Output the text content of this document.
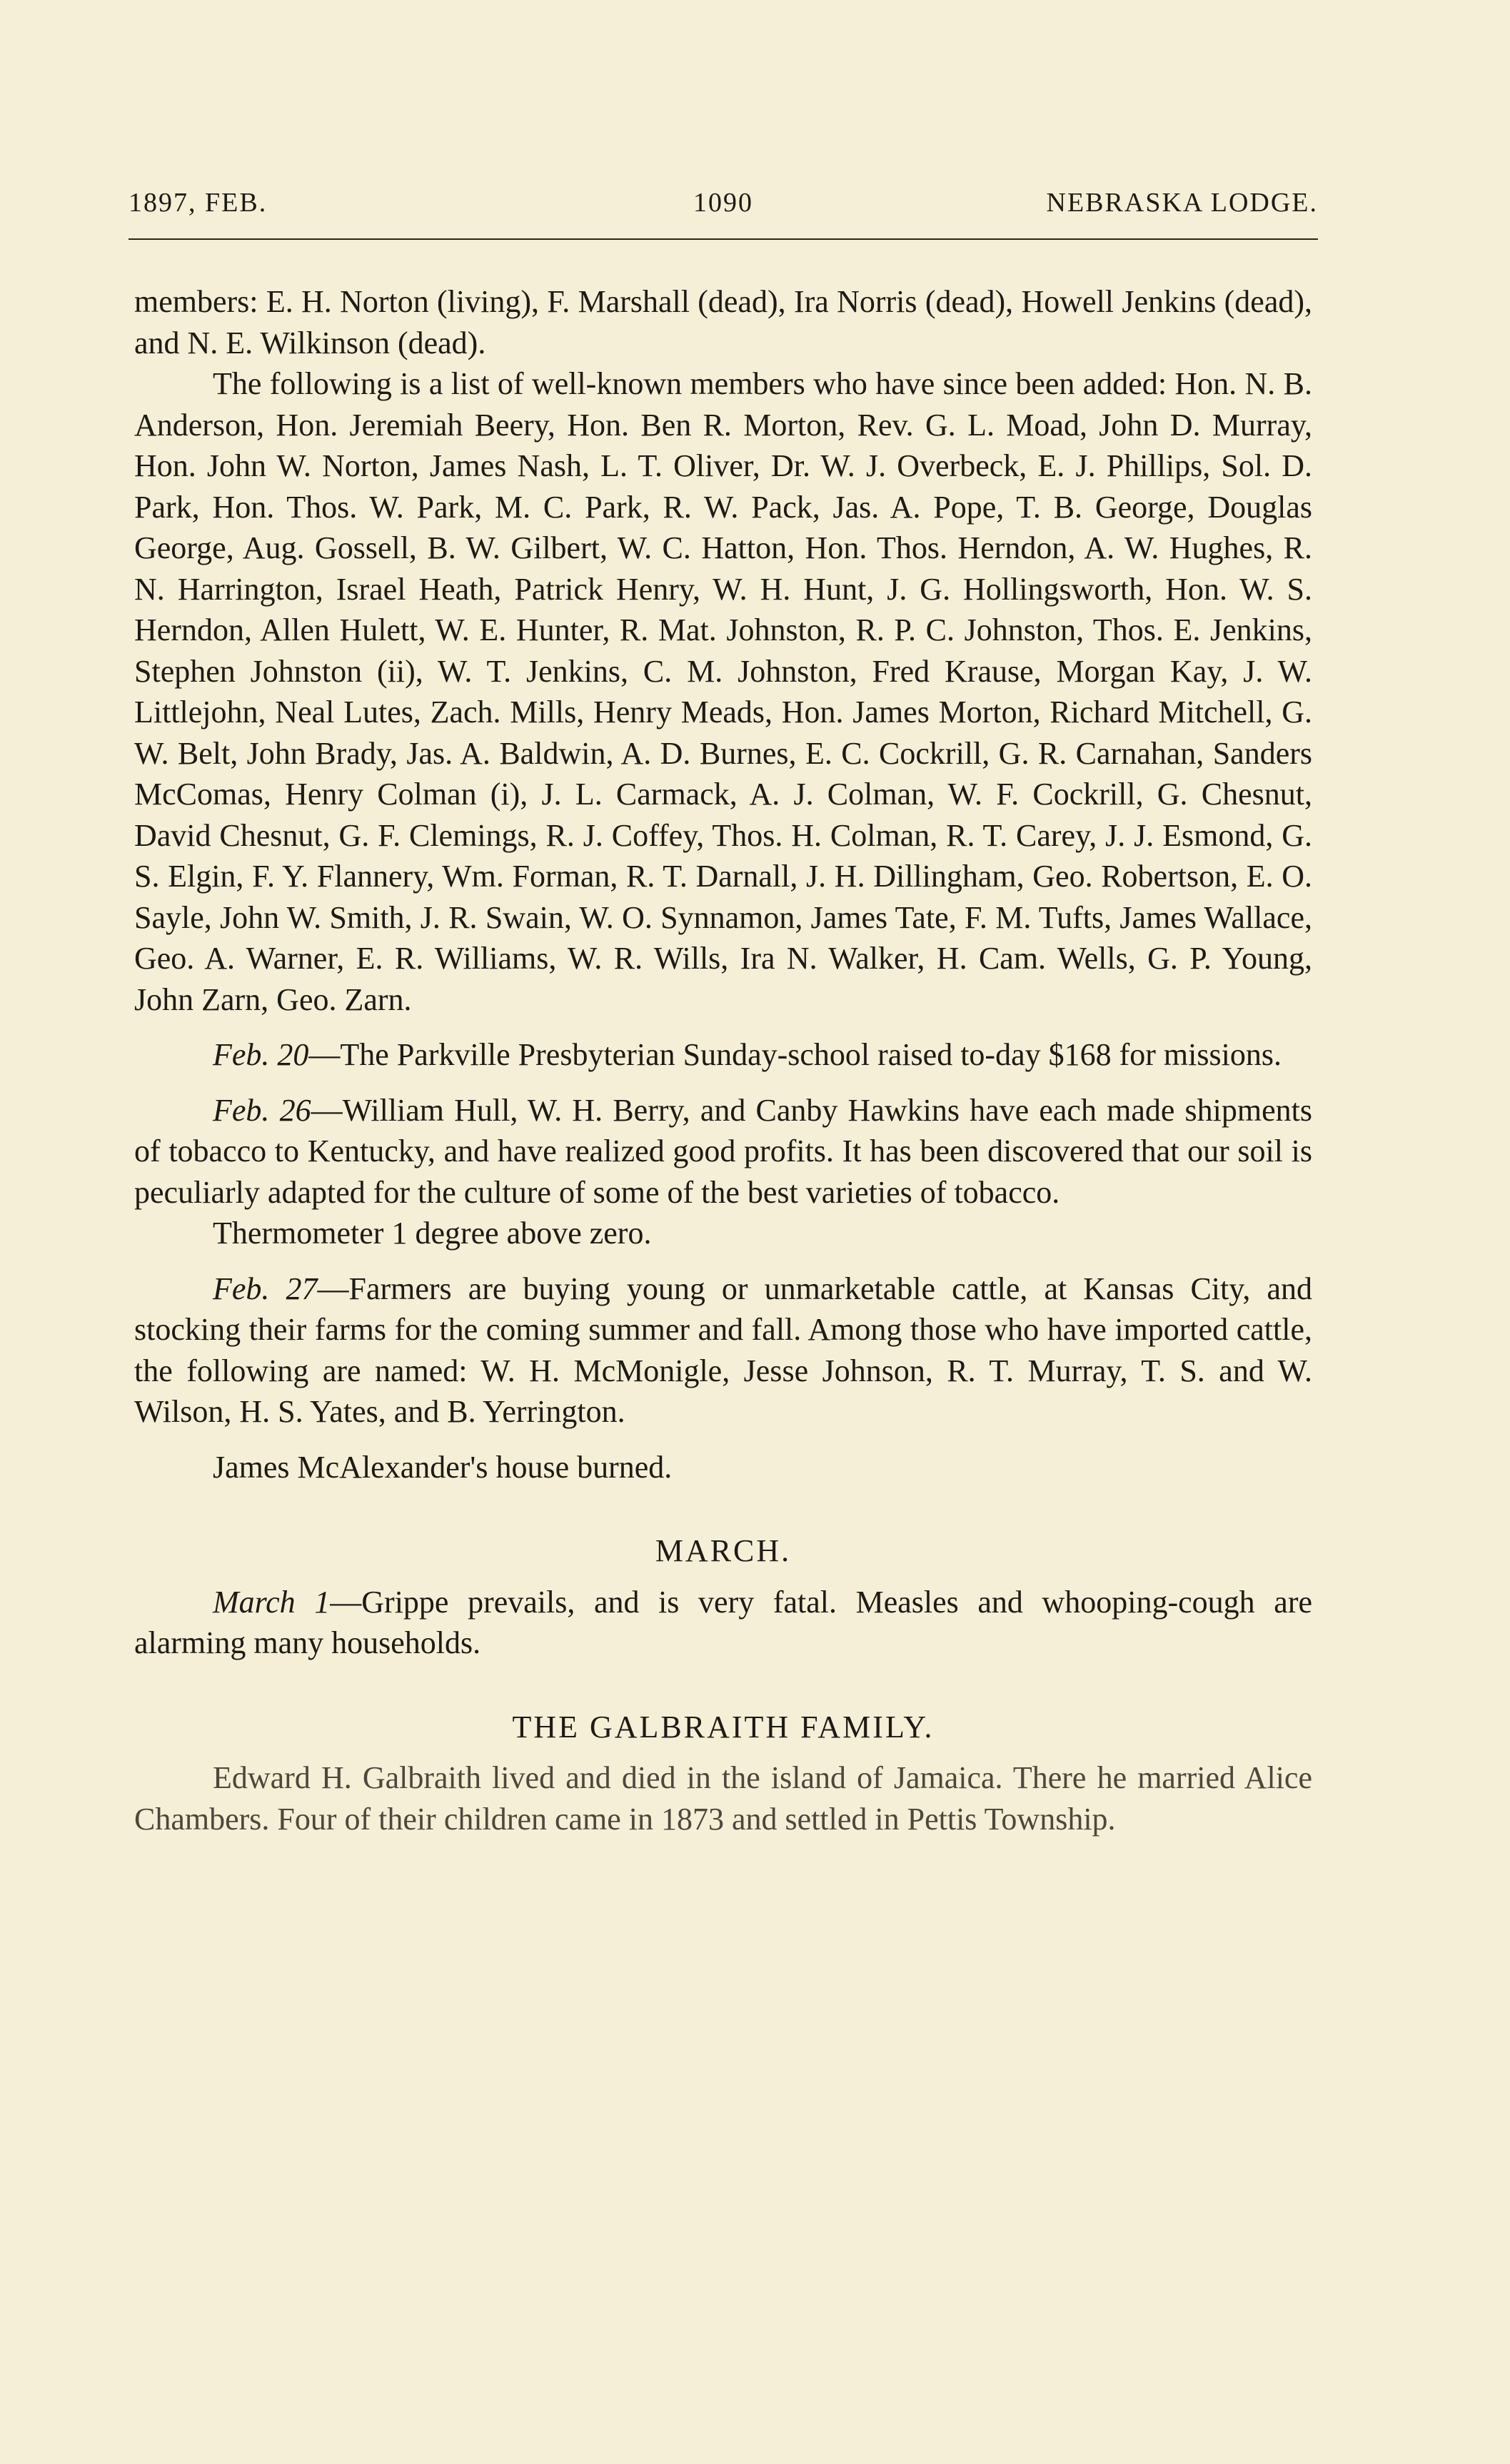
1897, FEB.	1090	NEBRASKA LODGE.

members: E. H. Norton (living), F. Marshall (dead), Ira Norris (dead), Howell Jenkins (dead), and N. E. Wilkinson (dead).

The following is a list of well-known members who have since been added: Hon. N. B. Anderson, Hon. Jeremiah Beery, Hon. Ben R. Morton, Rev. G. L. Moad, John D. Murray, Hon. John W. Norton, James Nash, L. T. Oliver, Dr. W. J. Overbeck, E. J. Phillips, Sol. D. Park, Hon. Thos. W. Park, M. C. Park, R. W. Pack, Jas. A. Pope, T. B. George, Douglas George, Aug. Gossell, B. W. Gilbert, W. C. Hatton, Hon. Thos. Herndon, A. W. Hughes, R. N. Harrington, Israel Heath, Patrick Henry, W. H. Hunt, J. G. Hollingsworth, Hon. W. S. Herndon, Allen Hulett, W. E. Hunter, R. Mat. Johnston, R. P. C. Johnston, Thos. E. Jenkins, Stephen Johnston (ii), W. T. Jenkins, C. M. Johnston, Fred Krause, Morgan Kay, J. W. Littlejohn, Neal Lutes, Zach. Mills, Henry Meads, Hon. James Morton, Richard Mitchell, G. W. Belt, John Brady, Jas. A. Baldwin, A. D. Burnes, E. C. Cockrill, G. R. Carnahan, Sanders McComas, Henry Colman (i), J. L. Carmack, A. J. Colman, W. F. Cockrill, G. Chesnut, David Chesnut, G. F. Clemings, R. J. Coffey, Thos. H. Colman, R. T. Carey, J. J. Esmond, G. S. Elgin, F. Y. Flannery, Wm. Forman, R. T. Darnall, J. H. Dillingham, Geo. Robertson, E. O. Sayle, John W. Smith, J. R. Swain, W. O. Synnamon, James Tate, F. M. Tufts, James Wallace, Geo. A. Warner, E. R. Williams, W. R. Wills, Ira N. Walker, H. Cam. Wells, G. P. Young, John Zarn, Geo. Zarn.

Feb. 20—The Parkville Presbyterian Sunday-school raised to-day $168 for missions.

Feb. 26—William Hull, W. H. Berry, and Canby Hawkins have each made shipments of tobacco to Kentucky, and have realized good profits. It has been discovered that our soil is peculiarly adapted for the culture of some of the best varieties of tobacco.

Thermometer 1 degree above zero.

Feb. 27—Farmers are buying young or unmarketable cattle, at Kansas City, and stocking their farms for the coming summer and fall. Among those who have imported cattle, the following are named: W. H. McMonigle, Jesse Johnson, R. T. Murray, T. S. and W. Wilson, H. S. Yates, and B. Yerrington.

James McAlexander's house burned.

MARCH.

March 1—Grippe prevails, and is very fatal. Measles and whooping-cough are alarming many households.

THE GALBRAITH FAMILY.

Edward H. Galbraith lived and died in the island of Jamaica. There he married Alice Chambers. Four of their children came in 1873 and settled in Pettis Township.
